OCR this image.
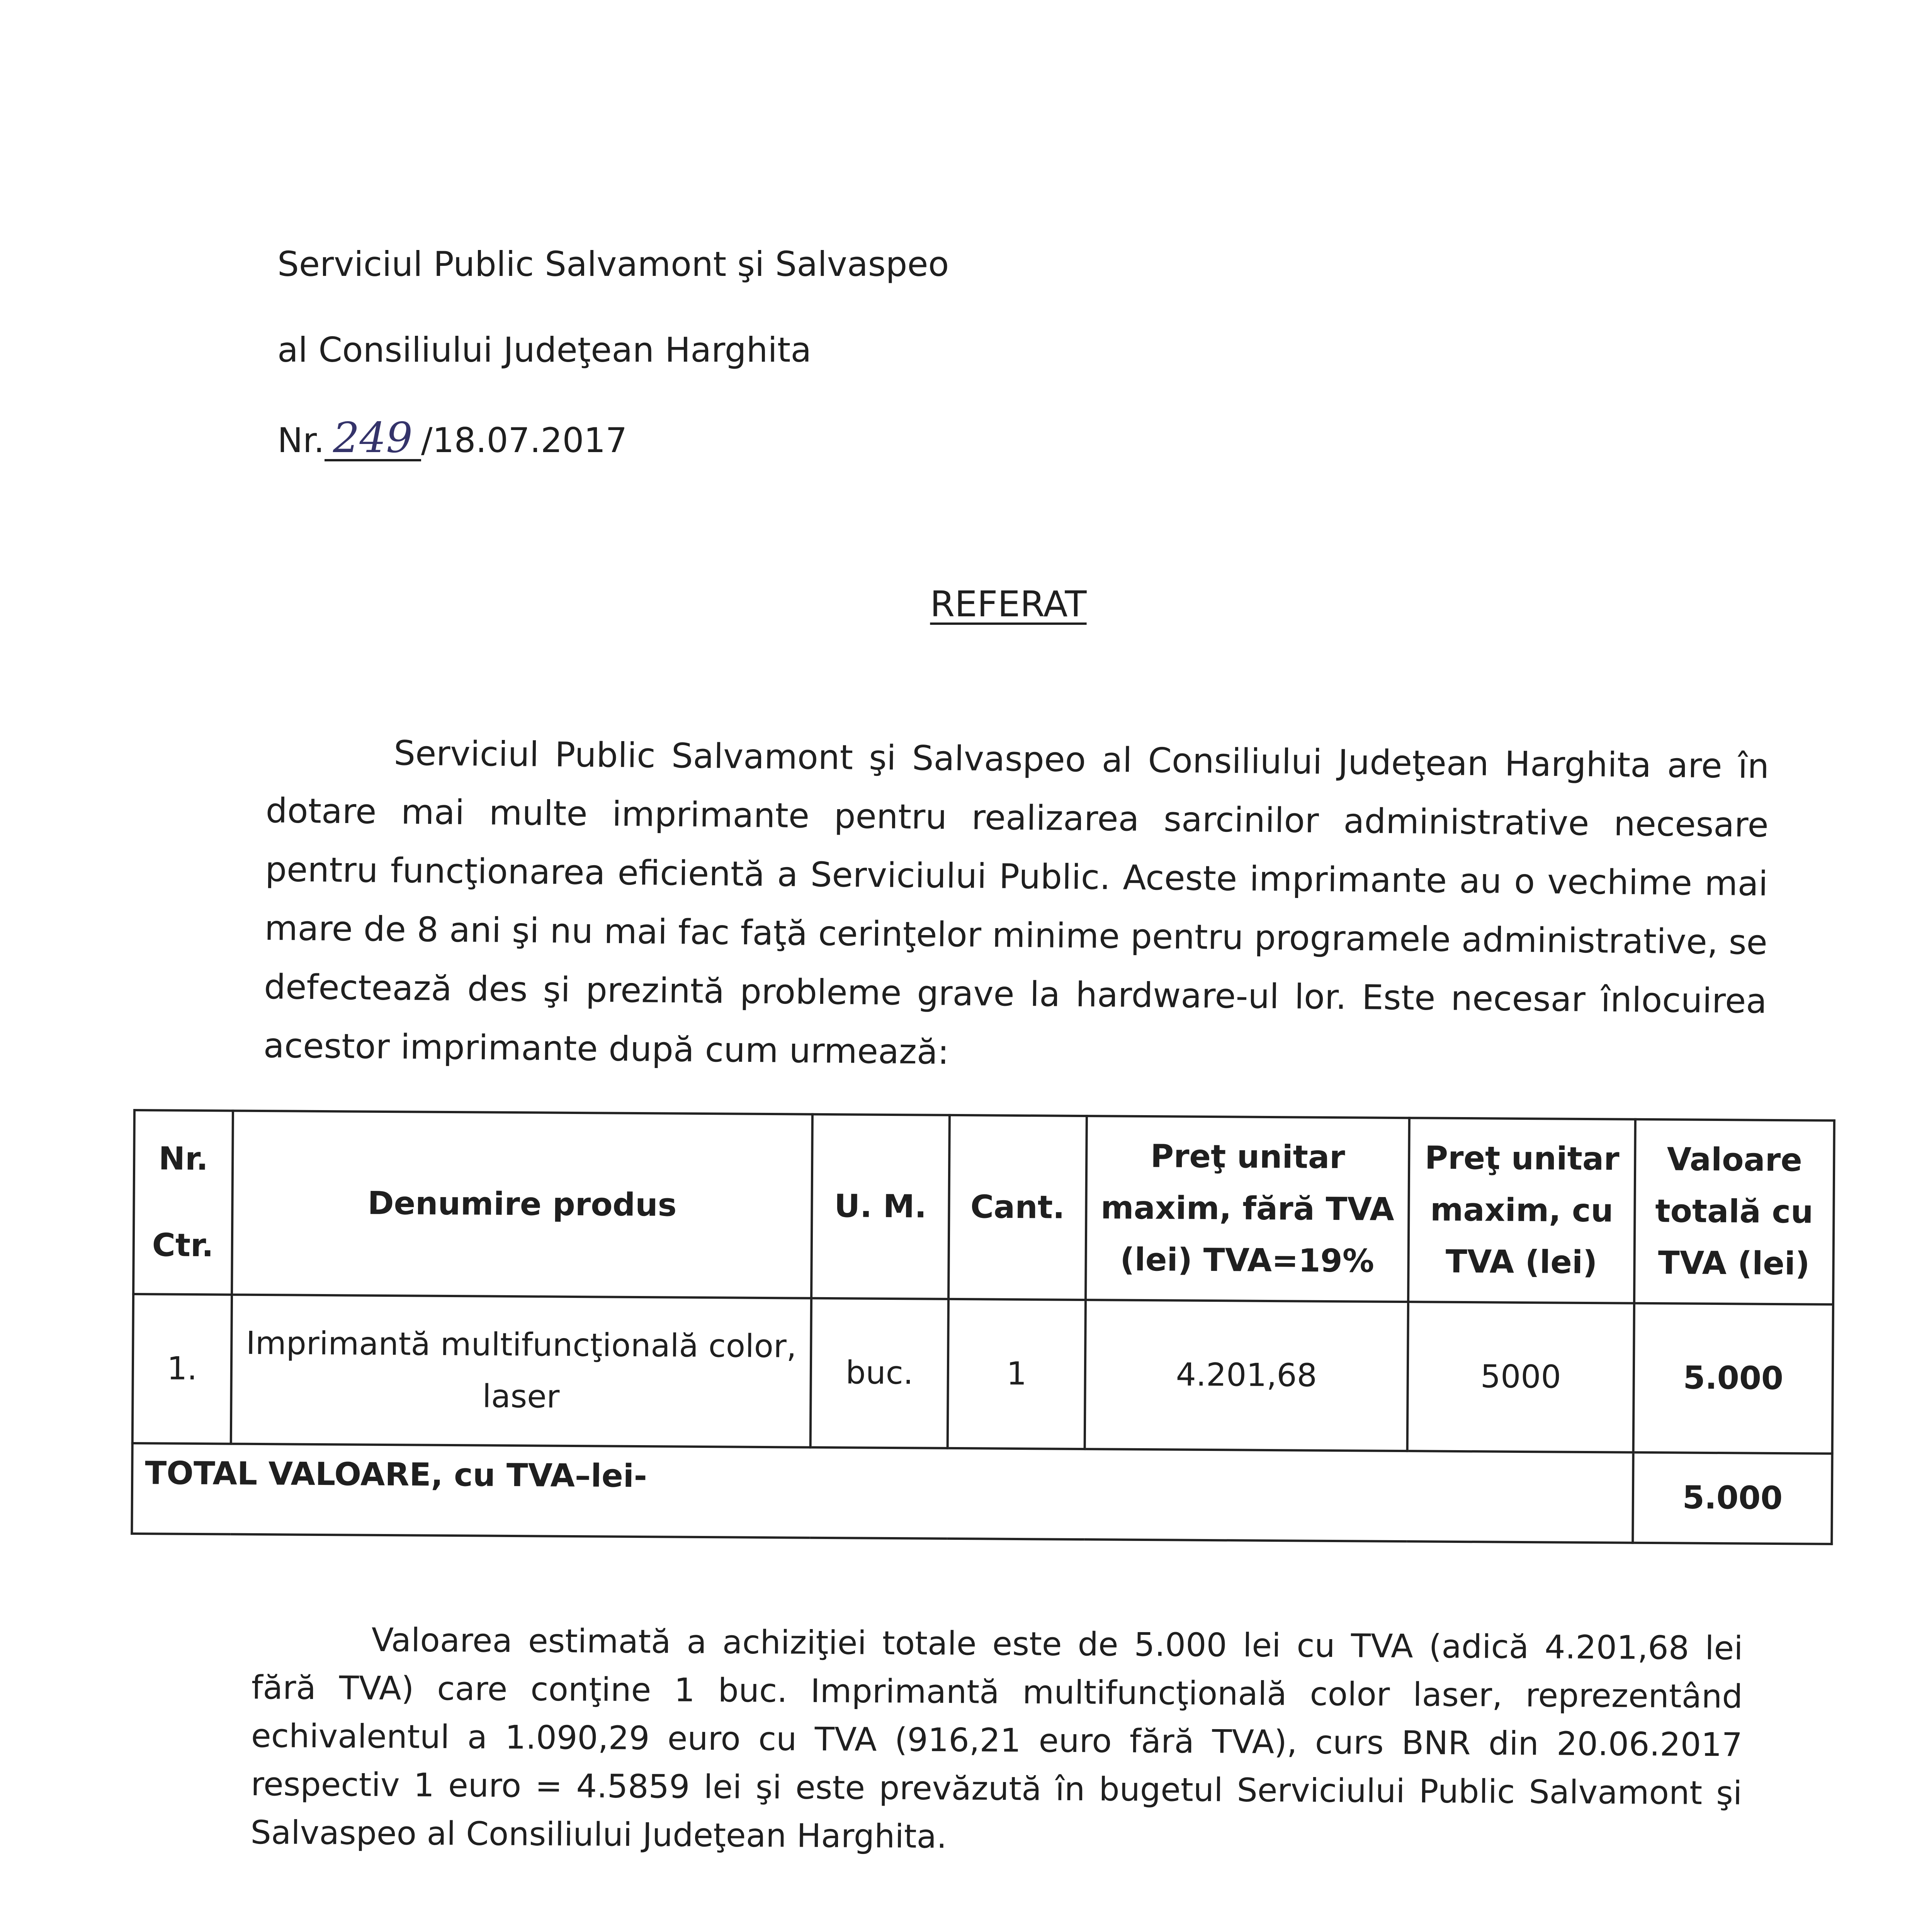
Serviciul Public Salvamont şi Salvaspeo
al Consiliului Judeţean Harghita
Nr. 249 /18.07.2017
REFERAT
Serviciul Public Salvamont şi Salvaspeo al Consiliului Judeţean Harghita are în dotare mai multe imprimante pentru realizarea sarcinilor administrative necesare pentru funcţionarea eficientă a Serviciului Public. Aceste imprimante au o vechime mai mare de 8 ani şi nu mai fac faţă cerinţelor minime pentru programele administrative, se defectează des şi prezintă probleme grave la hardware-ul lor. Este necesar înlocuirea acestor imprimante după cum urmează:
Nr.
Ctr.	Denumire produs	U. M.	Cant.	Preţ unitar maxim, fără TVA (lei) TVA=19%	Preţ unitar maxim, cu TVA (lei)	Valoare totală cu TVA (lei)
1.	Imprimantă multifuncţională color, laser	buc.	1	4.201,68	5000	5.000
TOTAL VALOARE, cu TVA–lei-						5.000
Valoarea estimată a achiziţiei totale este de 5.000 lei cu TVA (adică 4.201,68 lei fără TVA) care conţine 1 buc. Imprimantă multifuncţională color laser, reprezentând echivalentul a 1.090,29 euro cu TVA (916,21 euro fără TVA), curs BNR din 20.06.2017 respectiv 1 euro = 4.5859 lei şi este prevăzută în bugetul Serviciului Public Salvamont şi Salvaspeo al Consiliului Judeţean Harghita.
